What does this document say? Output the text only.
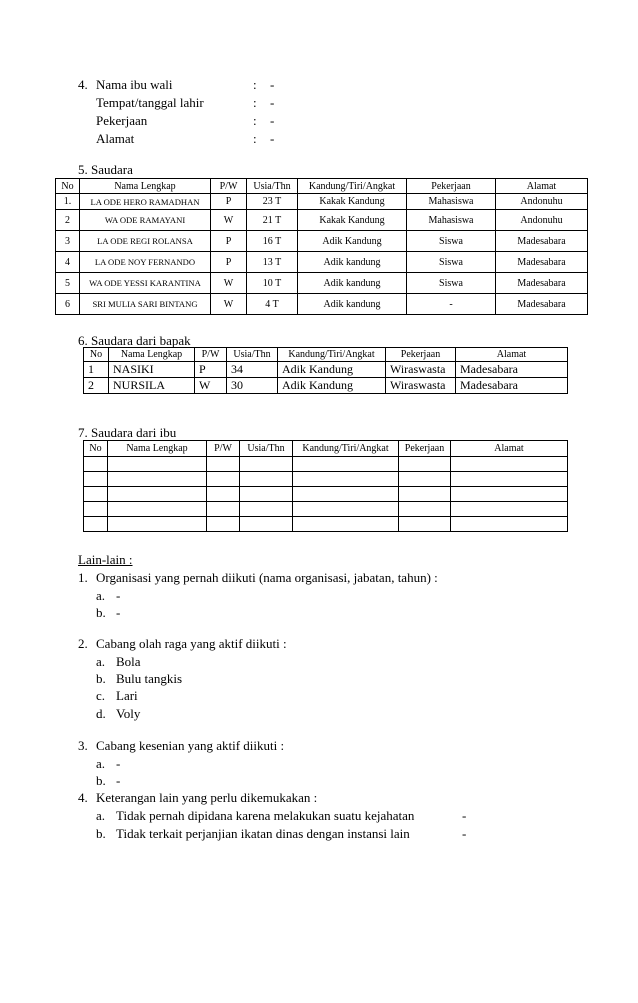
4. Nama ibu wali	: -
Tempat/tanggal lahir	: -
Pekerjaan	: -
Alamat	: -
5. Saudara
No	Nama Lengkap	P/W	Usia/Thn	Kandung/Tiri/Angkat	Pekerjaan	Alamat
1.	LA ODE HERO RAMADHAN	P	23 T	Kakak Kandung	Mahasiswa	Andonuhu
2	WA ODE RAMAYANI	W	21 T	Kakak Kandung	Mahasiswa	Andonuhu
3	LA ODE REGI ROLANSA	P	16 T	Adik Kandung	Siswa	Madesabara
4	LA ODE NOY FERNANDO	P	13 T	Adik kandung	Siswa	Madesabara
5	WA ODE YESSI KARANTINA	W	10 T	Adik kandung	Siswa	Madesabara
6	SRI MULIA SARI BINTANG	W	4 T	Adik kandung	-	Madesabara
6. Saudara dari bapak
No	Nama Lengkap	P/W	Usia/Thn	Kandung/Tiri/Angkat	Pekerjaan	Alamat
1	NASIKI	P	34	Adik Kandung	Wiraswasta	Madesabara
2	NURSILA	W	30	Adik Kandung	Wiraswasta	Madesabara
7. Saudara dari ibu
No	Nama Lengkap	P/W	Usia/Thn	Kandung/Tiri/Angkat	Pekerjaan	Alamat

Lain-lain :
1. Organisasi yang pernah diikuti (nama organisasi, jabatan, tahun) :
a. -
b. -
2. Cabang olah raga yang aktif diikuti :
a. Bola
b. Bulu tangkis
c. Lari
d. Voly
3. Cabang kesenian yang aktif diikuti :
a. -
b. -
4. Keterangan lain yang perlu dikemukakan :
a. Tidak pernah dipidana karena melakukan suatu kejahatan	-
b. Tidak terkait perjanjian ikatan dinas dengan instansi lain	-
